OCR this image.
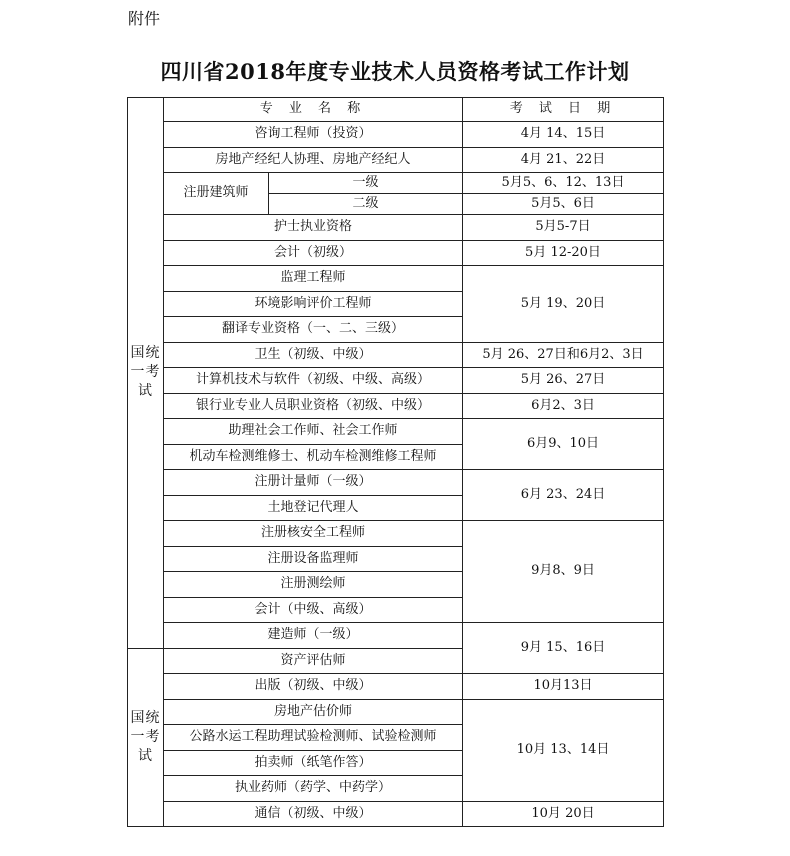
附件
四川省2018年度专业技术人员资格考试工作计划
国统一考试	专 业 名 称		考 试 日 期
	咨询工程师（投资）		4月 14、15日
	房地产经纪人协理、房地产经纪人		4月 21、22日
	注册建筑师	一级	5月5、6、12、13日
		二级	5月5、6日
	护士执业资格		5月5-7日
	会计（初级）		5月 12-20日
	监理工程师		5月 19、20日
	环境影响评价工程师		
	翻译专业资格（一、二、三级）		
	卫生（初级、中级）		5月 26、27日和6月2、3日
	计算机技术与软件（初级、中级、高级）		5月 26、27日
	银行业专业人员职业资格（初级、中级）		6月2、3日
	助理社会工作师、社会工作师		6月9、10日
	机动车检测维修士、机动车检测维修工程师		
	注册计量师（一级）		6月 23、24日
	土地登记代理人		
	注册核安全工程师		9月8、9日
	注册设备监理师		
	注册测绘师		
	会计（中级、高级）		
	建造师（一级）		9月 15、16日
国统一考试	资产评估师		
	出版（初级、中级）		10月13日
	房地产估价师		10月 13、14日
	公路水运工程助理试验检测师、试验检测师		
	拍卖师（纸笔作答）		
	执业药师（药学、中药学）		
	通信（初级、中级）		10月 20日
